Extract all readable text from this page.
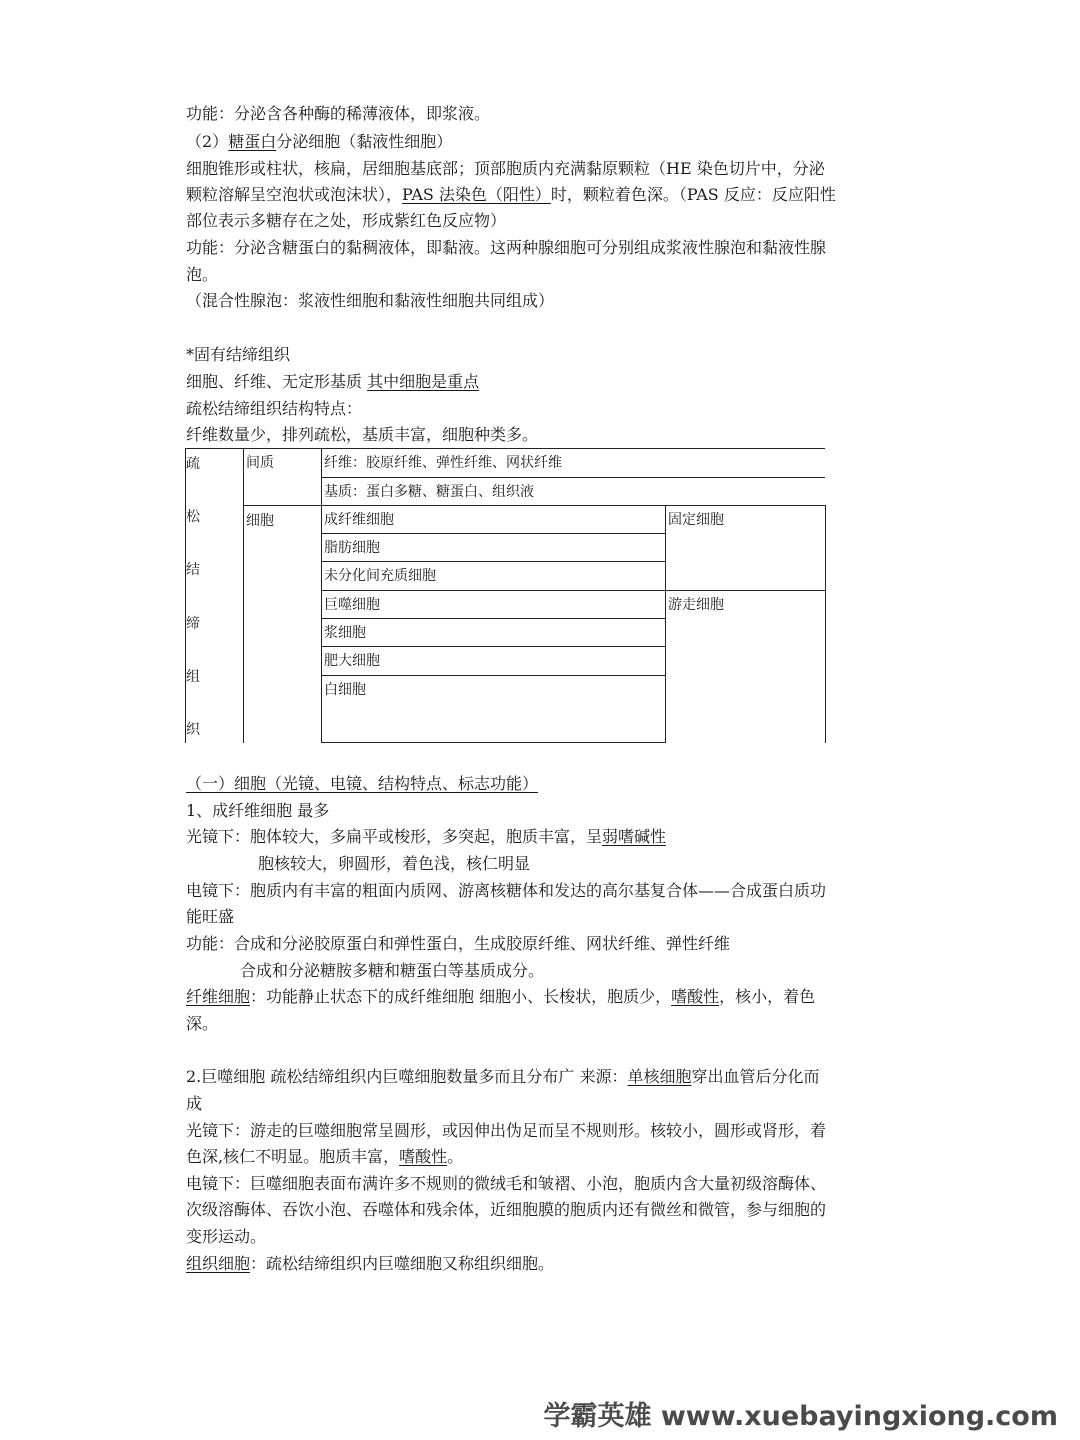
功能：分泌含各种酶的稀薄液体，即浆液。
（2）糖蛋白分泌细胞（黏液性细胞）
细胞锥形或柱状，核扁，居细胞基底部；顶部胞质内充满黏原颗粒（HE 染色切片中，分泌
颗粒溶解呈空泡状或泡沫状），PAS 法染色（阳性）时，颗粒着色深。（PAS 反应：反应阳性
部位表示多糖存在之处，形成紫红色反应物）
功能：分泌含糖蛋白的黏稠液体，即黏液。这两种腺细胞可分别组成浆液性腺泡和黏液性腺
泡。
（混合性腺泡：浆液性细胞和黏液性细胞共同组成）
*固有结缔组织
细胞、纤维、无定形基质 其中细胞是重点
疏松结缔组织结构特点：
纤维数量少，排列疏松，基质丰富，细胞种类多。
疏
松
结
缔
组
织
间质
细胞
纤维：胶原纤维、弹性纤维、网状纤维
基质：蛋白多糖、糖蛋白、组织液
成纤维细胞
脂肪细胞
未分化间充质细胞
巨噬细胞
浆细胞
肥大细胞
白细胞
固定细胞
游走细胞
（一）细胞（光镜、电镜、结构特点、标志功能）
1、成纤维细胞 最多
光镜下：胞体较大，多扁平或梭形，多突起，胞质丰富，呈弱嗜碱性
胞核较大，卵圆形，着色浅，核仁明显
电镜下：胞质内有丰富的粗面内质网、游离核糖体和发达的高尔基复合体——合成蛋白质功
能旺盛
功能：合成和分泌胶原蛋白和弹性蛋白，生成胶原纤维、网状纤维、弹性纤维
合成和分泌糖胺多糖和糖蛋白等基质成分。
纤维细胞：功能静止状态下的成纤维细胞 细胞小、长梭状，胞质少，嗜酸性，核小，着色
深。
2.巨噬细胞 疏松结缔组织内巨噬细胞数量多而且分布广 来源：单核细胞穿出血管后分化而
成
光镜下：游走的巨噬细胞常呈圆形，或因伸出伪足而呈不规则形。核较小，圆形或肾形，着
色深,核仁不明显。胞质丰富，嗜酸性。
电镜下：巨噬细胞表面布满许多不规则的微绒毛和皱褶、小泡，胞质内含大量初级溶酶体、
次级溶酶体、吞饮小泡、吞噬体和残余体，近细胞膜的胞质内还有微丝和微管，参与细胞的
变形运动。
组织细胞：疏松结缔组织内巨噬细胞又称组织细胞。
学霸英雄 www.xuebayingxiong.com
